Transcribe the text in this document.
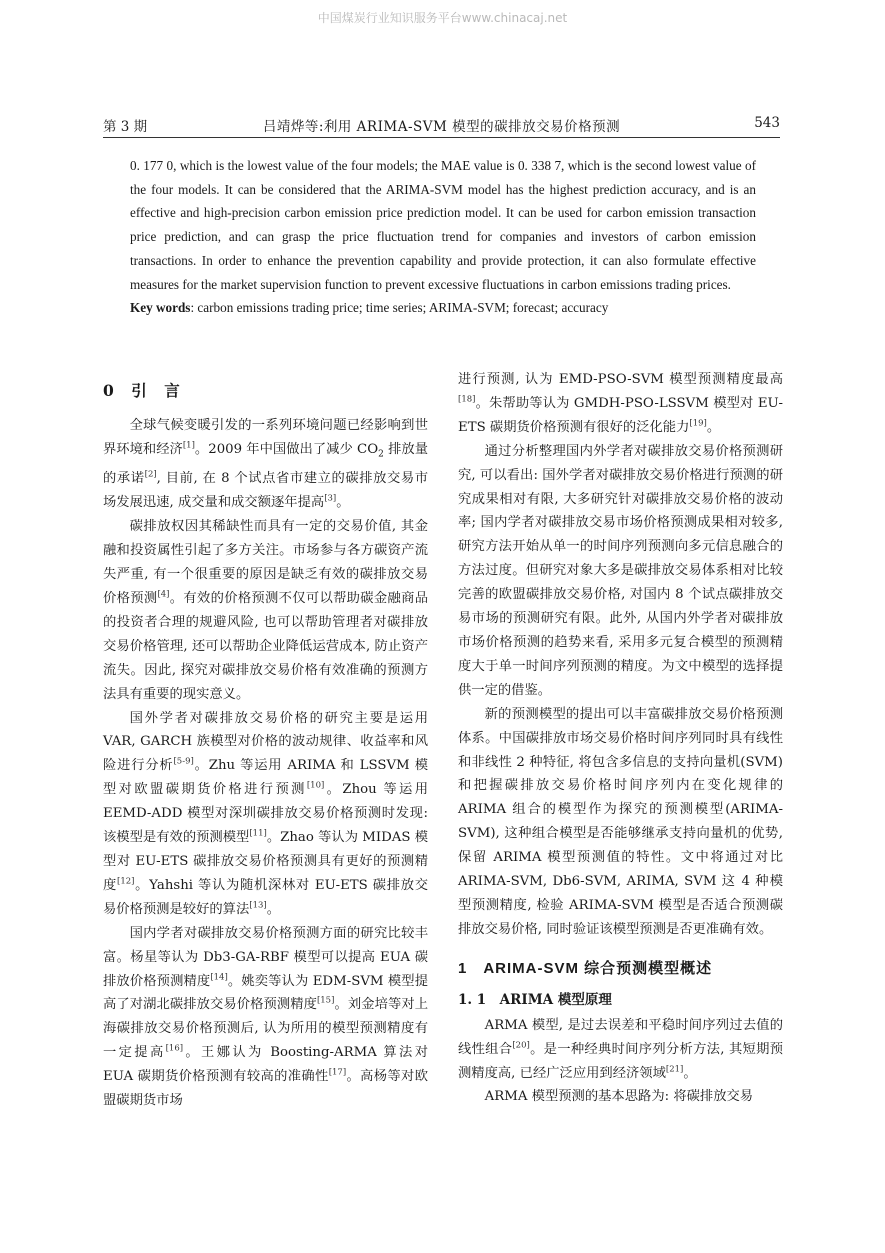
中国煤炭行业知识服务平台www.chinacaj.net
第 3 期	吕靖烨等:利用 ARIMA-SVM 模型的碳排放交易价格预测	543

0. 177 0, which is the lowest value of the four models; the MAE value is 0. 338 7, which is the second lowest value of the four models. It can be considered that the ARIMA-SVM model has the highest prediction accuracy, and is an effective and high-precision carbon emission price prediction model. It can be used for carbon emission transaction price prediction, and can grasp the price fluctuation trend for companies and investors of carbon emission transactions. In order to enhance the prevention capability and provide protection, it can also formulate effective measures for the market supervision function to prevent excessive fluctuations in carbon emissions trading prices.

Key words: carbon emissions trading price; time series; ARIMA-SVM; forecast; accuracy

0　引　言

全球气候变暖引发的一系列环境问题已经影响到世界环境和经济[1]。2009 年中国做出了减少 $CO_2$ 排放量的承诺[2], 目前, 在 8 个试点省市建立的碳排放交易市场发展迅速, 成交量和成交额逐年提高[3]。

碳排放权因其稀缺性而具有一定的交易价值, 其金融和投资属性引起了多方关注。市场参与各方碳资产流失严重, 有一个很重要的原因是缺乏有效的碳排放交易价格预测[4]。有效的价格预测不仅可以帮助碳金融商品的投资者合理的规避风险, 也可以帮助管理者对碳排放交易价格管理, 还可以帮助企业降低运营成本, 防止资产流失。因此, 探究对碳排放交易价格有效准确的预测方法具有重要的现实意义。

国外学者对碳排放交易价格的研究主要是运用 VAR, GARCH 族模型对价格的波动规律、收益率和风险进行分析[5-9]。Zhu 等运用 ARIMA 和 LSSVM 模型对欧盟碳期货价格进行预测[10]。Zhou 等运用 EEMD-ADD 模型对深圳碳排放交易价格预测时发现: 该模型是有效的预测模型[11]。Zhao 等认为 MIDAS 模型对 EU-ETS 碳排放交易价格预测具有更好的预测精度[12]。Yahshi 等认为随机深林对 EU-ETS 碳排放交易价格预测是较好的算法[13]。

国内学者对碳排放交易价格预测方面的研究比较丰富。杨星等认为 Db3-GA-RBF 模型可以提高 EUA 碳排放价格预测精度[14]。姚奕等认为 EDM-SVM 模型提高了对湖北碳排放交易价格预测精度[15]。刘金培等对上海碳排放交易价格预测后, 认为所用的模型预测精度有一定提高[16]。王娜认为 Boosting-ARMA 算法对 EUA 碳期货价格预测有较高的准确性[17]。高杨等对欧盟碳期货市场

进行预测, 认为 EMD-PSO-SVM 模型预测精度最高[18]。朱帮助等认为 GMDH-PSO-LSSVM 模型对 EU-ETS 碳期货价格预测有很好的泛化能力[19]。

通过分析整理国内外学者对碳排放交易价格预测研究, 可以看出: 国外学者对碳排放交易价格进行预测的研究成果相对有限, 大多研究针对碳排放交易价格的波动率; 国内学者对碳排放交易市场价格预测成果相对较多, 研究方法开始从单一的时间序列预测向多元信息融合的方法过度。但研究对象大多是碳排放交易体系相对比较完善的欧盟碳排放交易价格, 对国内 8 个试点碳排放交易市场的预测研究有限。此外, 从国内外学者对碳排放市场价格预测的趋势来看, 采用多元复合模型的预测精度大于单一时间序列预测的精度。为文中模型的选择提供一定的借鉴。

新的预测模型的提出可以丰富碳排放交易价格预测体系。中国碳排放市场交易价格时间序列同时具有线性和非线性 2 种特征, 将包含多信息的支持向量机(SVM)和把握碳排放交易价格时间序列内在变化规律的 ARIMA 组合的模型作为探究的预测模型(ARIMA-SVM), 这种组合模型是否能够继承支持向量机的优势, 保留 ARIMA 模型预测值的特性。文中将通过对比 ARIMA-SVM, Db6-SVM, ARIMA, SVM 这 4 种模型预测精度, 检验 ARIMA-SVM 模型是否适合预测碳排放交易价格, 同时验证该模型预测是否更准确有效。

1　ARIMA-SVM 综合预测模型概述
1. 1　ARIMA 模型原理

ARMA 模型, 是过去误差和平稳时间序列过去值的线性组合[20]。是一种经典时间序列分析方法, 其短期预测精度高, 已经广泛应用到经济领域[21]。

ARMA 模型预测的基本思路为: 将碳排放交易
